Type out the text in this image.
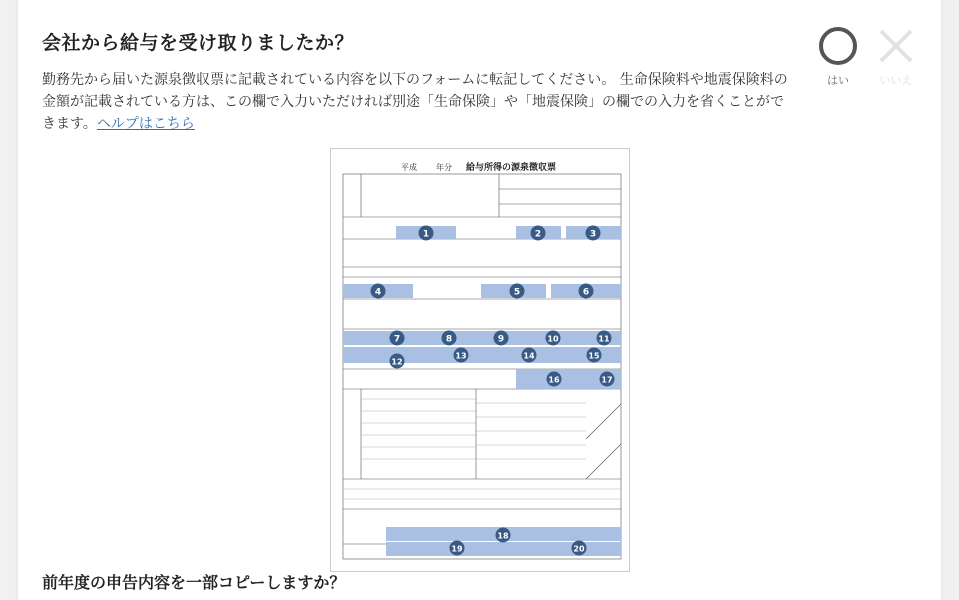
会社から給与を受け取りましたか？
勤務先から届いた源泉徴収票に記載されている内容を以下のフォームに転記してください。 生命保険料や地震保険料の金額が記載されている方は、この欄で入力いただければ別途「生命保険」や「地震保険」の欄での入力を省くことができます。ヘルプはこちら
はい	いいえ
平成 年分 給与所得の源泉徴収票
1	2	3
4	5	6
7	8	9	10	11
12
13	14	15
16	17
18
19	20
前年度の申告内容を一部コピーしますか？
